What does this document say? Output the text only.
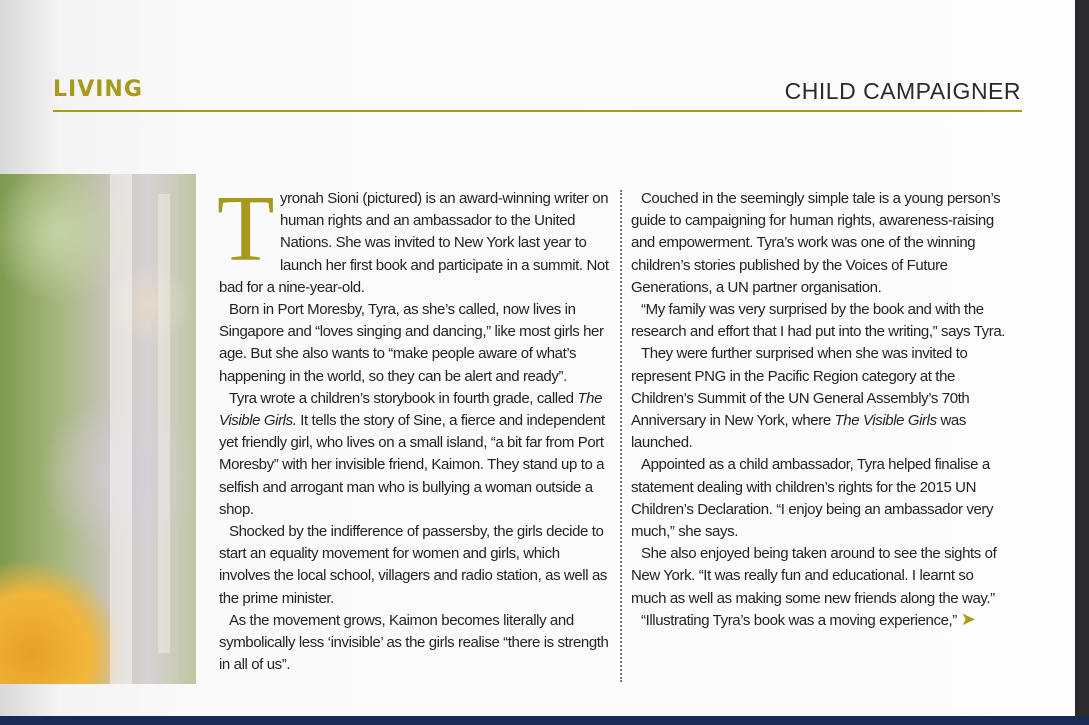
LIVING	CHILD CAMPAIGNER

Tyronah Sioni (pictured) is an award-winning writer on human rights and an ambassador to the United Nations. She was invited to New York last year to launch her first book and participate in a summit. Not bad for a nine-year-old.

Born in Port Moresby, Tyra, as she’s called, now lives in Singapore and “loves singing and dancing,” like most girls her age. But she also wants to “make people aware of what’s happening in the world, so they can be alert and ready”.

Tyra wrote a children’s storybook in fourth grade, called The Visible Girls. It tells the story of Sine, a fierce and independent yet friendly girl, who lives on a small island, “a bit far from Port Moresby” with her invisible friend, Kaimon. They stand up to a selfish and arrogant man who is bullying a woman outside a shop.

Shocked by the indifference of passersby, the girls decide to start an equality movement for women and girls, which involves the local school, villagers and radio station, as well as the prime minister.

As the movement grows, Kaimon becomes literally and symbolically less ‘invisible’ as the girls realise “there is strength in all of us”.

Couched in the seemingly simple tale is a young person’s guide to campaigning for human rights, awareness-raising and empowerment. Tyra’s work was one of the winning children’s stories published by the Voices of Future Generations, a UN partner organisation.

“My family was very surprised by the book and with the research and effort that I had put into the writing,” says Tyra.

They were further surprised when she was invited to represent PNG in the Pacific Region category at the Children’s Summit of the UN General Assembly’s 70th Anniversary in New York, where The Visible Girls was launched.

Appointed as a child ambassador, Tyra helped finalise a statement dealing with children’s rights for the 2015 UN Children’s Declaration. “I enjoy being an ambassador very much,” she says.

She also enjoyed being taken around to see the sights of New York. “It was really fun and educational. I learnt so much as well as making some new friends along the way.”

“Illustrating Tyra’s book was a moving experience,” ➤
